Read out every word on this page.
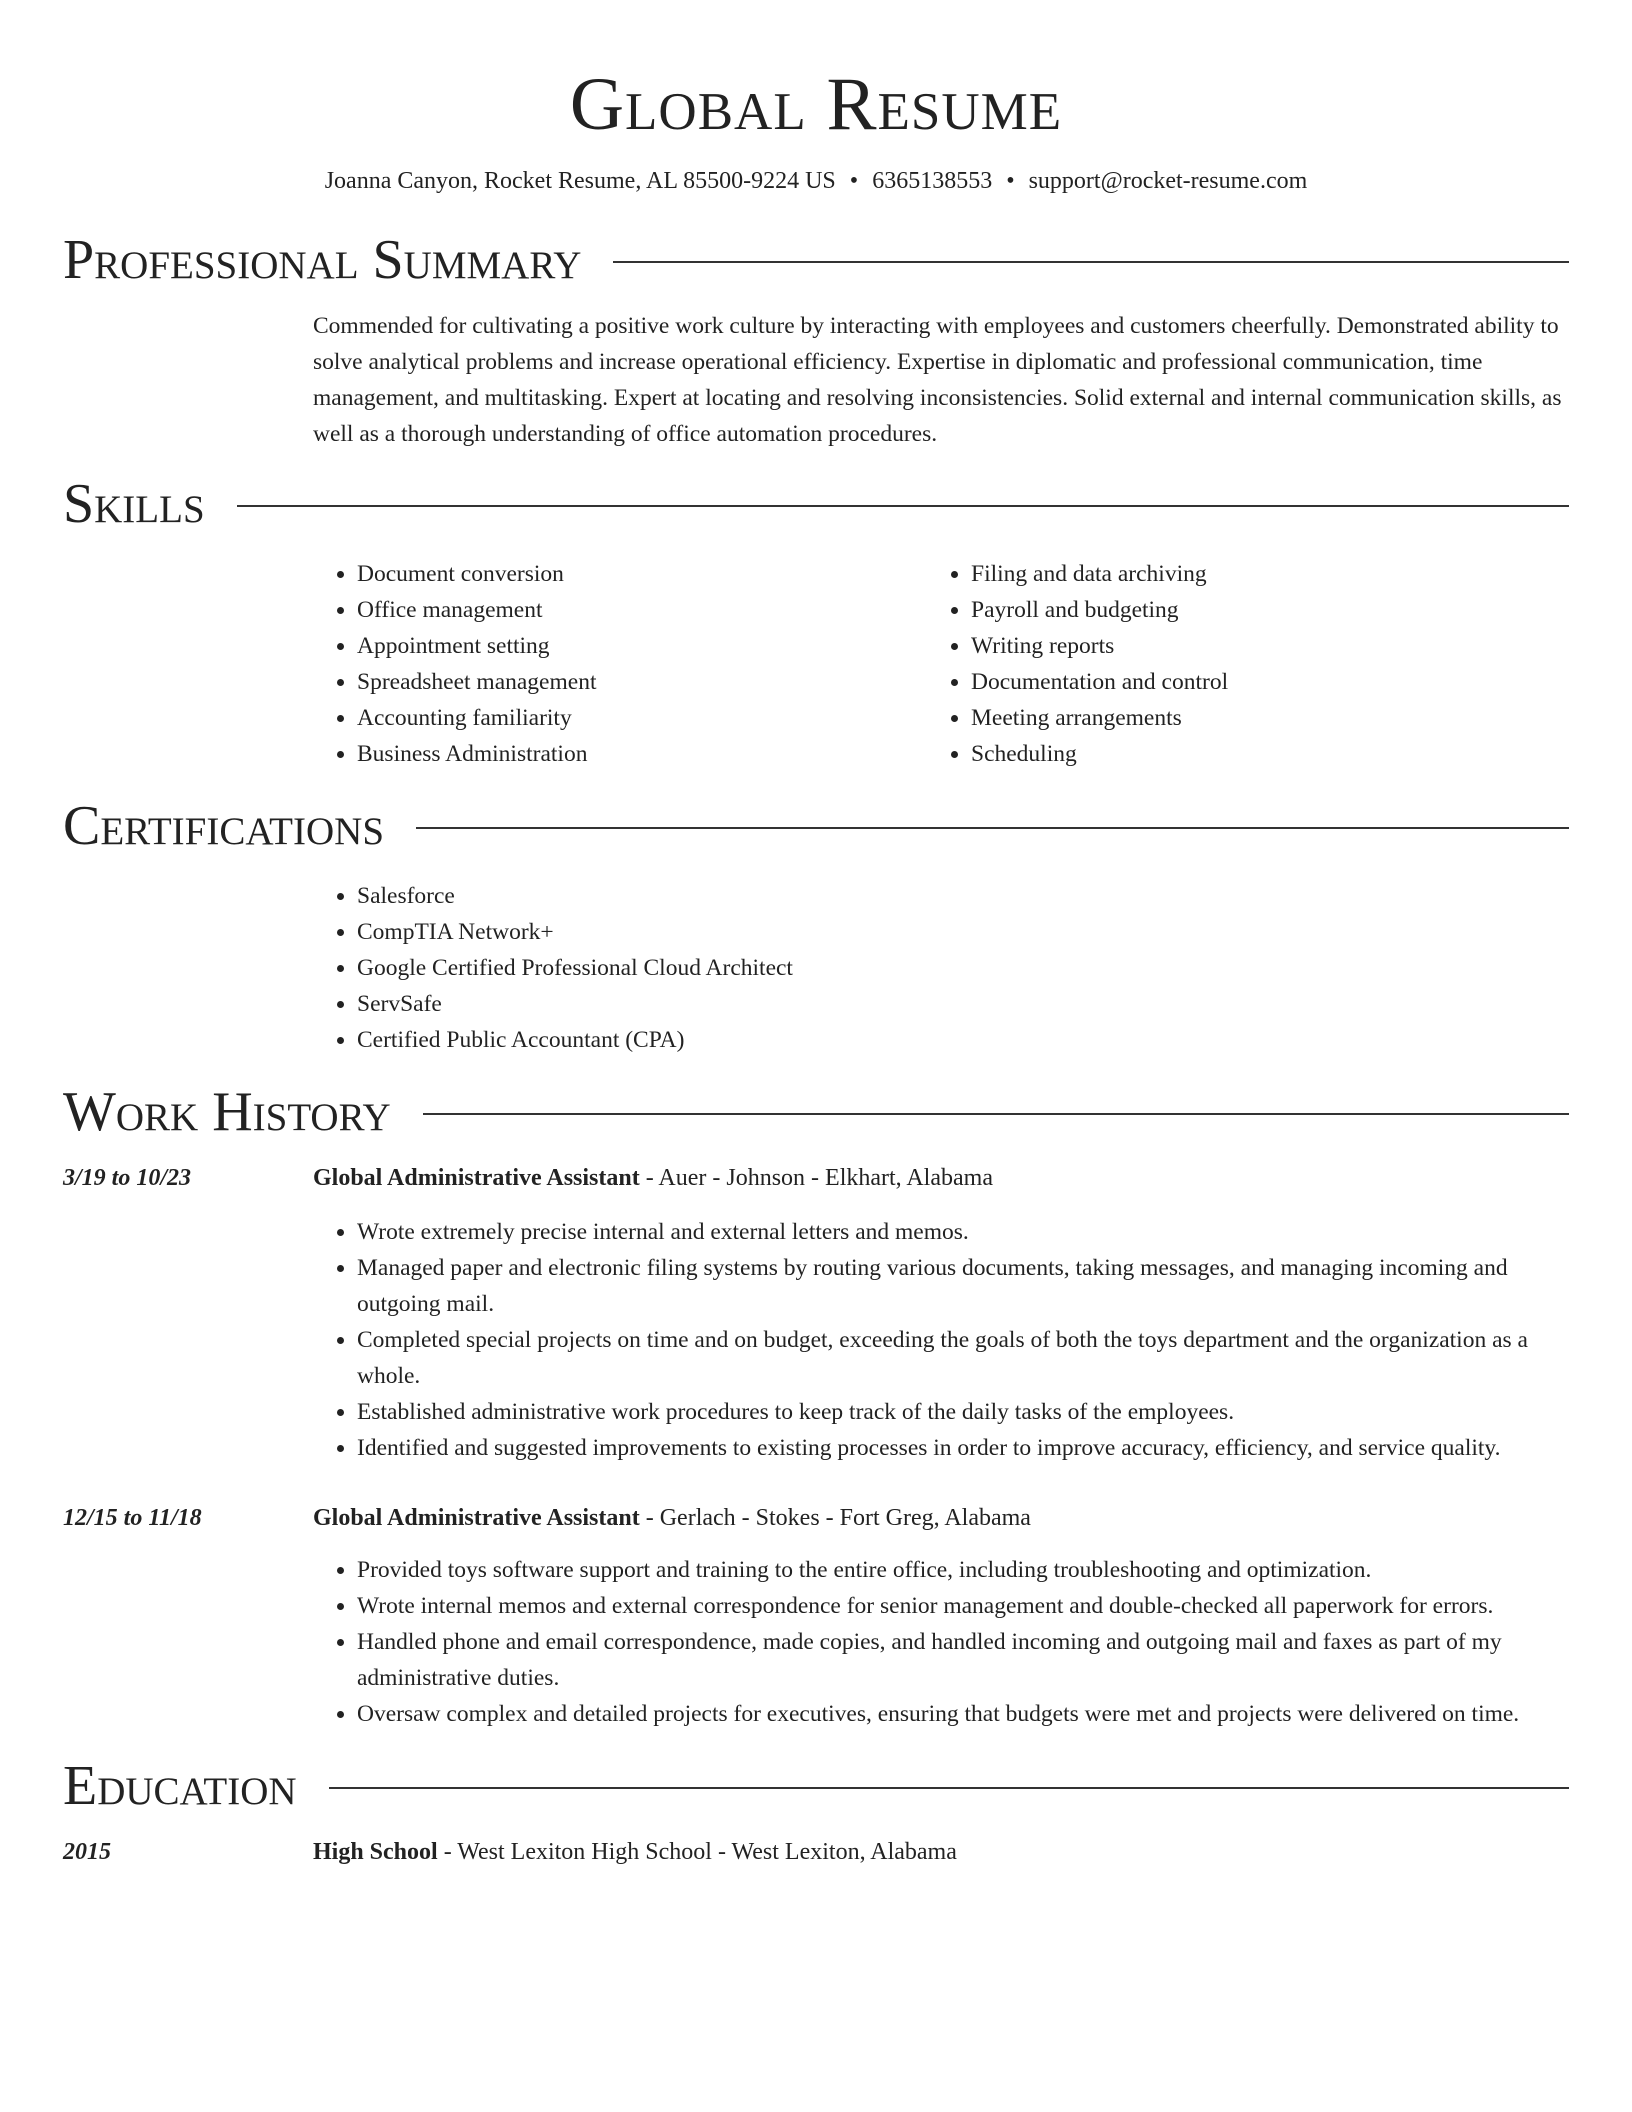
Global Resume
Joanna Canyon, Rocket Resume, AL 85500-9224 US • 6365138553 • support@rocket-resume.com
Professional Summary
Commended for cultivating a positive work culture by interacting with employees and customers cheerfully. Demonstrated ability to solve analytical problems and increase operational efficiency. Expertise in diplomatic and professional communication, time management, and multitasking. Expert at locating and resolving inconsistencies. Solid external and internal communication skills, as well as a thorough understanding of office automation procedures.
Skills
• Document conversion
• Office management
• Appointment setting
• Spreadsheet management
• Accounting familiarity
• Business Administration
• Filing and data archiving
• Payroll and budgeting
• Writing reports
• Documentation and control
• Meeting arrangements
• Scheduling
Certifications
• Salesforce
• CompTIA Network+
• Google Certified Professional Cloud Architect
• ServSafe
• Certified Public Accountant (CPA)
Work History
3/19 to 10/23	Global Administrative Assistant - Auer - Johnson - Elkhart, Alabama
• Wrote extremely precise internal and external letters and memos.
• Managed paper and electronic filing systems by routing various documents, taking messages, and managing incoming and outgoing mail.
• Completed special projects on time and on budget, exceeding the goals of both the toys department and the organization as a whole.
• Established administrative work procedures to keep track of the daily tasks of the employees.
• Identified and suggested improvements to existing processes in order to improve accuracy, efficiency, and service quality.
12/15 to 11/18	Global Administrative Assistant - Gerlach - Stokes - Fort Greg, Alabama
• Provided toys software support and training to the entire office, including troubleshooting and optimization.
• Wrote internal memos and external correspondence for senior management and double-checked all paperwork for errors.
• Handled phone and email correspondence, made copies, and handled incoming and outgoing mail and faxes as part of my administrative duties.
• Oversaw complex and detailed projects for executives, ensuring that budgets were met and projects were delivered on time.
Education
2015	High School - West Lexiton High School - West Lexiton, Alabama
